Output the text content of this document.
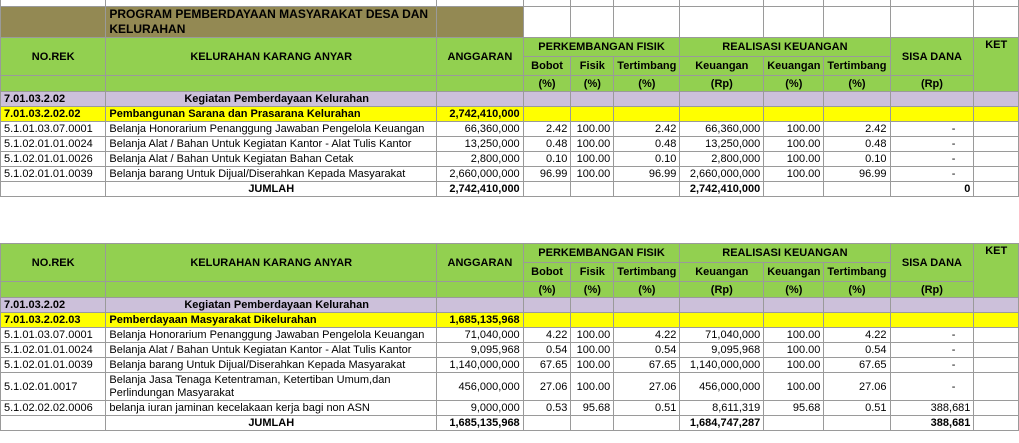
	PROGRAM PEMBERDAYAAN MASYARAKAT DESA DAN
KELURAHAN									
NO.REK	KELURAHAN KARANG ANYAR	ANGGARAN	PERKEMBANGAN FISIK			REALISASI KEUANGAN			SISA DANA	KET
			Bobot	Fisik	Tertimbang	Keuangan	Keuangan	Tertimbang		
			(%)	(%)	(%)	(Rp)	(%)	(%)	(Rp)	
7.01.03.2.02	Kegiatan Pemberdayaan Kelurahan									
7.01.03.2.02.02	Pembangunan Sarana dan Prasarana Kelurahan	2,742,410,000								
5.1.01.03.07.0001	Belanja Honorarium Penanggung Jawaban Pengelola Keuangan	66,360,000	2.42	100.00	2.42	66,360,000	100.00	2.42	-	
5.1.02.01.01.0024	Belanja Alat / Bahan Untuk Kegiatan Kantor - Alat Tulis Kantor	13,250,000	0.48	100.00	0.48	13,250,000	100.00	0.48	-	
5.1.02.01.01.0026	Belanja Alat / Bahan Untuk Kegiatan Bahan Cetak	2,800,000	0.10	100.00	0.10	2,800,000	100.00	0.10	-	
5.1.02.01.01.0039	Belanja barang Untuk Dijual/Diserahkan Kepada Masyarakat	2,660,000,000	96.99	100.00	96.99	2,660,000,000	100.00	96.99	-	
	JUMLAH	2,742,410,000				2,742,410,000			0	
NO.REK	KELURAHAN KARANG ANYAR	ANGGARAN	PERKEMBANGAN FISIK			REALISASI KEUANGAN			SISA DANA	KET
			Bobot	Fisik	Tertimbang	Keuangan	Keuangan	Tertimbang		
			(%)	(%)	(%)	(Rp)	(%)	(%)	(Rp)	
7.01.03.2.02	Kegiatan Pemberdayaan Kelurahan									
7.01.03.2.02.03	Pemberdayaan Masyarakat Dikelurahan	1,685,135,968								
5.1.01.03.07.0001	Belanja Honorarium Penanggung Jawaban Pengelola Keuangan	71,040,000	4.22	100.00	4.22	71,040,000	100.00	4.22	-	
5.1.02.01.01.0024	Belanja Alat / Bahan Untuk Kegiatan Kantor - Alat Tulis Kantor	9,095,968	0.54	100.00	0.54	9,095,968	100.00	0.54	-	
5.1.02.01.01.0039	Belanja barang Untuk Dijual/Diserahkan Kepada Masyarakat	1,140,000,000	67.65	100.00	67.65	1,140,000,000	100.00	67.65	-	
5.1.02.01.0017	Belanja Jasa Tenaga Ketentraman, Ketertiban Umum,dan
Perlindungan Masyarakat	456,000,000	27.06	100.00	27.06	456,000,000	100.00	27.06	-	
5.1.02.02.02.0006	belanja iuran jaminan kecelakaan kerja bagi non ASN	9,000,000	0.53	95.68	0.51	8,611,319	95.68	0.51	388,681	
	JUMLAH	1,685,135,968				1,684,747,287			388,681	
